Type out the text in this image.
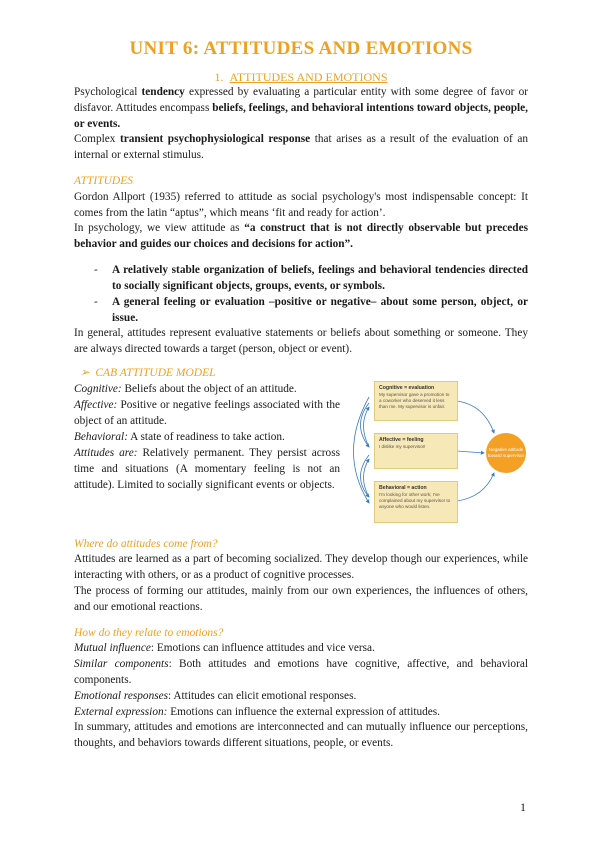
UNIT 6: ATTITUDES AND EMOTIONS
1. ATTITUDES AND EMOTIONS

Psychological tendency expressed by evaluating a particular entity with some degree of favor or disfavor. Attitudes encompass beliefs, feelings, and behavioral intentions toward objects, people, or events.

Complex transient psychophysiological response that arises as a result of the evaluation of an internal or external stimulus.

ATTITUDES

Gordon Allport (1935) referred to attitude as social psychology's most indispensable concept: It comes from the latin “aptus”, which means ‘fit and ready for action’.

In psychology, we view attitude as “a construct that is not directly observable but precedes behavior and guides our choices and decisions for action”.

- A relatively stable organization of beliefs, feelings and behavioral tendencies directed to socially significant objects, groups, events, or symbols.
- A general feeling or evaluation –positive or negative– about some person, object, or issue.

In general, attitudes represent evaluative statements or beliefs about something or someone. They are always directed towards a target (person, object or event).

➢ CAB ATTITUDE MODEL

Cognitive: Beliefs about the object of an attitude.

Affective: Positive or negative feelings associated with the object of an attitude.

Behavioral: A state of readiness to take action.

Attitudes are: Relatively permanent. They persist across time and situations (A momentary feeling is not an attitude). Limited to socially significant events or objects.

Cognitive = evaluation
My supervisor gave a promotion to a coworker who deserved it less than me. My supervisor is unfair.
Affective = feeling
I dislike my supervisor!
Behavioral = action
I'm looking for other work; I've complained about my supervisor to anyone who would listen.
Negative attitude toward supervisor
Where do attitudes come from?

Attitudes are learned as a part of becoming socialized. They develop though our experiences, while interacting with others, or as a product of cognitive processes.

The process of forming our attitudes, mainly from our own experiences, the influences of others, and our emotional reactions.

How do they relate to emotions?

Mutual influence: Emotions can influence attitudes and vice versa.

Similar components: Both attitudes and emotions have cognitive, affective, and behavioral components.

Emotional responses: Attitudes can elicit emotional responses.

External expression: Emotions can influence the external expression of attitudes.

In summary, attitudes and emotions are interconnected and can mutually influence our perceptions, thoughts, and behaviors towards different situations, people, or events.

1
